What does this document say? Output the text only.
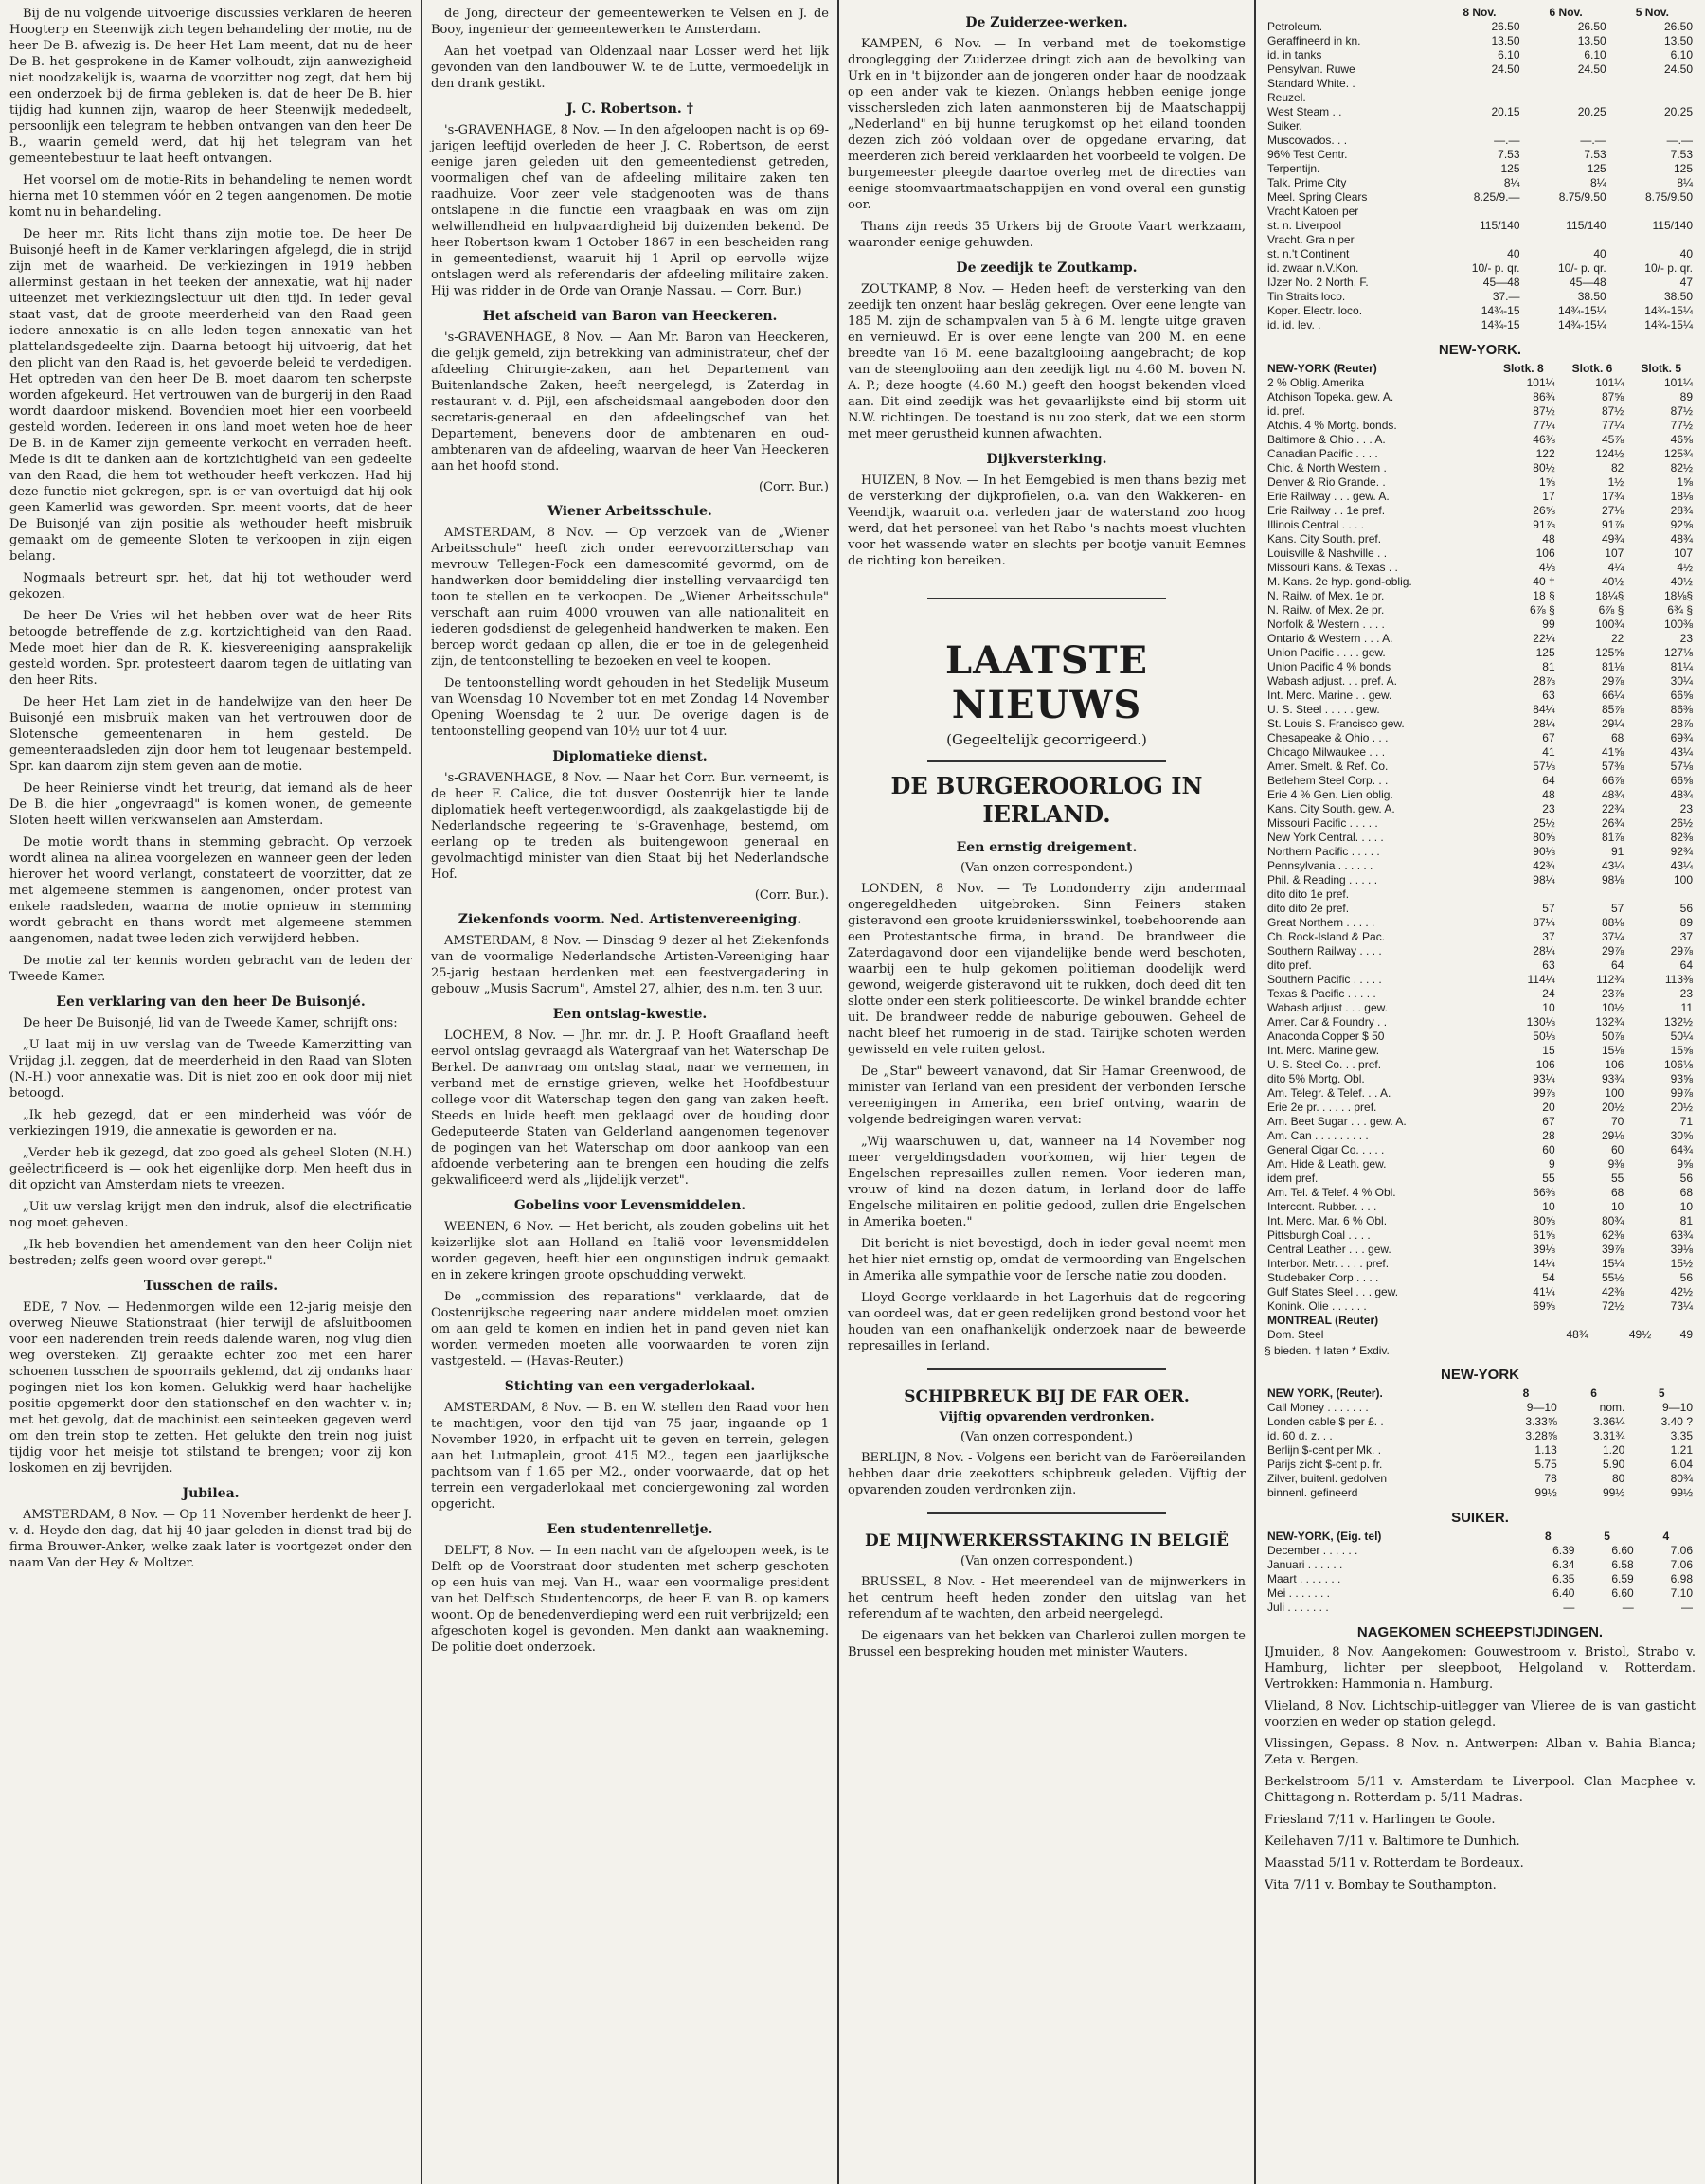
Bij de nu volgende uitvoerige discussies verklaren de heeren Hoogterp en Steenwijk zich tegen behandeling der motie, nu de heer De B. afwezig is. De heer Het Lam meent, dat nu de heer De B. het gesprokene in de Kamer volhoudt, zijn aanwezigheid niet noodzakelijk is, waarna de voorzitter nog zegt, dat hem bij een onderzoek bij de firma gebleken is, dat de heer De B. hier tijdig had kunnen zijn, waarop de heer Steenwijk mededeelt, persoonlijk een telegram te hebben ontvangen van den heer De B., waarin gemeld werd, dat hij het telegram van het gemeentebestuur te laat heeft ontvangen.

Het voorsel om de motie-Rits in behandeling te nemen wordt hierna met 10 stemmen vóór en 2 tegen aangenomen. De motie komt nu in behandeling.

De heer mr. Rits licht thans zijn motie toe. De heer De Buisonjé heeft in de Kamer verklaringen afgelegd, die in strijd zijn met de waarheid. De verkiezingen in 1919 hebben allerminst gestaan in het teeken der annexatie, wat hij nader uiteenzet met verkiezingslectuur uit dien tijd. In ieder geval staat vast, dat de groote meerderheid van den Raad geen iedere annexatie is en alle leden tegen annexatie van het plattelandsgedeelte zijn. Daarna betoogt hij uitvoerig, dat het den plicht van den Raad is, het gevoerde beleid te verdedigen. Het optreden van den heer De B. moet daarom ten scherpste worden afgekeurd. Het vertrouwen van de burgerij in den Raad wordt daardoor miskend. Bovendien moet hier een voorbeeld gesteld worden. Iedereen in ons land moet weten hoe de heer De B. in de Kamer zijn gemeente verkocht en verraden heeft. Mede is dit te danken aan de kortzichtigheid van een gedeelte van den Raad, die hem tot wethouder heeft verkozen. Had hij deze functie niet gekregen, spr. is er van overtuigd dat hij ook geen Kamerlid was geworden. Spr. meent voorts, dat de heer De Buisonjé van zijn positie als wethouder heeft misbruik gemaakt om de gemeente Sloten te verkoopen in zijn eigen belang.

Nogmaals betreurt spr. het, dat hij tot wethouder werd gekozen.

De heer De Vries wil het hebben over wat de heer Rits betoogde betreffende de z.g. kortzichtigheid van den Raad. Mede moet hier dan de R. K. kiesvereeniging aansprakelijk gesteld worden. Spr. protesteert daarom tegen de uitlating van den heer Rits.

De heer Het Lam ziet in de handelwijze van den heer De Buisonjé een misbruik maken van het vertrouwen door de Slotensche gemeentenaren in hem gesteld. De gemeenteraadsleden zijn door hem tot leugenaar bestempeld. Spr. kan daarom zijn stem geven aan de motie.

De heer Reinierse vindt het treurig, dat iemand als de heer De B. die hier „ongevraagd" is komen wonen, de gemeente Sloten heeft willen verkwanselen aan Amsterdam.

De motie wordt thans in stemming gebracht. Op verzoek wordt alinea na alinea voorgelezen en wanneer geen der leden hierover het woord verlangt, constateert de voorzitter, dat ze met algemeene stemmen is aangenomen, onder protest van enkele raadsleden, waarna de motie opnieuw in stemming wordt gebracht en thans wordt met algemeene stemmen aangenomen, nadat twee leden zich verwijderd hebben.

De motie zal ter kennis worden gebracht van de leden der Tweede Kamer.

Een verklaring van den heer De Buisonjé.

De heer De Buisonjé, lid van de Tweede Kamer, schrijft ons:

„U laat mij in uw verslag van de Tweede Kamerzitting van Vrijdag j.l. zeggen, dat de meerderheid in den Raad van Sloten (N.-H.) voor annexatie was. Dit is niet zoo en ook door mij niet betoogd.

„Ik heb gezegd, dat er een minderheid was vóór de verkiezingen 1919, die annexatie is geworden er na.

„Verder heb ik gezegd, dat zoo goed als geheel Sloten (N.H.) geëlectrificeerd is — ook het eigenlijke dorp. Men heeft dus in dit opzicht van Amsterdam niets te vreezen.

„Uit uw verslag krijgt men den indruk, alsof die electrificatie nog moet geheven.

„Ik heb bovendien het amendement van den heer Colijn niet bestreden; zelfs geen woord over gerept."

Tusschen de rails.

EDE, 7 Nov. — Hedenmorgen wilde een 12-jarig meisje den overweg Nieuwe Stationstraat (hier terwijl de afsluitboomen voor een naderenden trein reeds dalende waren, nog vlug dien weg oversteken. Zij geraakte echter zoo met een harer schoenen tusschen de spoorrails geklemd, dat zij ondanks haar pogingen niet los kon komen. Gelukkig werd haar hachelijke positie opgemerkt door den stationschef en den wachter v. in; met het gevolg, dat de machinist een seinteeken gegeven werd om den trein stop te zetten. Het gelukte den trein nog juist tijdig voor het meisje tot stilstand te brengen; voor zij kon loskomen en zij bevrijden.

Jubilea.

AMSTERDAM, 8 Nov. — Op 11 November herdenkt de heer J. v. d. Heyde den dag, dat hij 40 jaar geleden in dienst trad bij de firma Brouwer-Anker, welke zaak later is voortgezet onder den naam Van der Hey & Moltzer.

de Jong, directeur der gemeentewerken te Velsen en J. de Booy, ingenieur der gemeentewerken te Amsterdam.

Aan het voetpad van Oldenzaal naar Losser werd het lijk gevonden van den landbouwer W. te de Lutte, vermoedelijk in den drank gestikt.

J. C. Robertson. †

's-GRAVENHAGE, 8 Nov. — In den afgeloopen nacht is op 69-jarigen leeftijd overleden de heer J. C. Robertson, de eerst eenige jaren geleden uit den gemeentedienst getreden, voormaligen chef van de afdeeling militaire zaken ten raadhuize. Voor zeer vele stadgenooten was de thans ontslapene in die functie een vraagbaak en was om zijn welwillendheid en hulpvaardigheid bij duizenden bekend. De heer Robertson kwam 1 October 1867 in een bescheiden rang in gemeentedienst, waaruit hij 1 April op eervolle wijze ontslagen werd als referendaris der afdeeling militaire zaken. Hij was ridder in de Orde van Oranje Nassau. — Corr. Bur.)

Het afscheid van Baron van Heeckeren.

's-GRAVENHAGE, 8 Nov. — Aan Mr. Baron van Heeckeren, die gelijk gemeld, zijn betrekking van administrateur, chef der afdeeling Chirurgie-zaken, aan het Departement van Buitenlandsche Zaken, heeft neergelegd, is Zaterdag in restaurant v. d. Pijl, een afscheidsmaal aangeboden door den secretaris-generaal en den afdeelingschef van het Departement, benevens door de ambtenaren en oud-ambtenaren van de afdeeling, waarvan de heer Van Heeckeren aan het hoofd stond.

(Corr. Bur.)
Wiener Arbeitsschule.

AMSTERDAM, 8 Nov. — Op verzoek van de „Wiener Arbeitsschule" heeft zich onder eerevoorzitterschap van mevrouw Tellegen-Fock een damescomité gevormd, om de handwerken door bemiddeling dier instelling vervaardigd ten toon te stellen en te verkoopen. De „Wiener Arbeitsschule" verschaft aan ruim 4000 vrouwen van alle nationaliteit en iederen godsdienst de gelegenheid handwerken te maken. Een beroep wordt gedaan op allen, die er toe in de gelegenheid zijn, de tentoonstelling te bezoeken en veel te koopen.

De tentoonstelling wordt gehouden in het Stedelijk Museum van Woensdag 10 November tot en met Zondag 14 November Opening Woensdag te 2 uur. De overige dagen is de tentoonstelling geopend van 10½ uur tot 4 uur.

Diplomatieke dienst.

's-GRAVENHAGE, 8 Nov. — Naar het Corr. Bur. verneemt, is de heer F. Calice, die tot dusver Oostenrijk hier te lande diplomatiek heeft vertegenwoordigd, als zaakgelastigde bij de Nederlandsche regeering te 's-Gravenhage, bestemd, om eerlang op te treden als buitengewoon generaal en gevolmachtigd minister van dien Staat bij het Nederlandsche Hof.

(Corr. Bur.).
Ziekenfonds voorm. Ned. Artistenvereeniging.

AMSTERDAM, 8 Nov. — Dinsdag 9 dezer al het Ziekenfonds van de voormalige Nederlandsche Artisten-Vereeniging haar 25-jarig bestaan herdenken met een feestvergadering in gebouw „Musis Sacrum", Amstel 27, alhier, des n.m. ten 3 uur.

Een ontslag-kwestie.

LOCHEM, 8 Nov. — Jhr. mr. dr. J. P. Hooft Graafland heeft eervol ontslag gevraagd als Watergraaf van het Waterschap De Berkel. De aanvraag om ontslag staat, naar we vernemen, in verband met de ernstige grieven, welke het Hoofdbestuur college voor dit Waterschap tegen den gang van zaken heeft. Steeds en luide heeft men geklaagd over de houding door Gedeputeerde Staten van Gelderland aangenomen tegenover de pogingen van het Waterschap om door aankoop van een afdoende verbetering aan te brengen een houding die zelfs gekwalificeerd werd als „lijdelijk verzet".

Gobelins voor Levensmiddelen.

WEENEN, 6 Nov. — Het bericht, als zouden gobelins uit het keizerlijke slot aan Holland en Italië voor levensmiddelen worden gegeven, heeft hier een ongunstigen indruk gemaakt en in zekere kringen groote opschudding verwekt.

De „commission des reparations" verklaarde, dat de Oostenrijksche regeering naar andere middelen moet omzien om aan geld te komen en indien het in pand geven niet kan worden vermeden moeten alle voorwaarden te voren zijn vastgesteld. — (Havas-Reuter.)

Stichting van een vergaderlokaal.

AMSTERDAM, 8 Nov. — B. en W. stellen den Raad voor hen te machtigen, voor den tijd van 75 jaar, ingaande op 1 November 1920, in erfpacht uit te geven en terrein, gelegen aan het Lutmaplein, groot 415 M2., tegen een jaarlijksche pachtsom van f 1.65 per M2., onder voorwaarde, dat op het terrein een vergaderlokaal met conciergewoning zal worden opgericht.

Een studentenrelletje.

DELFT, 8 Nov. — In een nacht van de afgeloopen week, is te Delft op de Voorstraat door studenten met scherp geschoten op een huis van mej. Van H., waar een voormalige president van het Delftsch Studentencorps, de heer F. van B. op kamers woont. Op de benedenverdieping werd een ruit verbrijzeld; een afgeschoten kogel is gevonden. Men dankt aan waakneming. De politie doet onderzoek.

De Zuiderzee-werken.

KAMPEN, 6 Nov. — In verband met de toekomstige drooglegging der Zuiderzee dringt zich aan de bevolking van Urk en in 't bijzonder aan de jongeren onder haar de noodzaak op een ander vak te kiezen. Onlangs hebben eenige jonge visschersleden zich laten aanmonsteren bij de Maatschappij „Nederland" en bij hunne terugkomst op het eiland toonden dezen zich zóó voldaan over de opgedane ervaring, dat meerderen zich bereid verklaarden het voorbeeld te volgen. De burgemeester pleegde daartoe overleg met de directies van eenige stoomvaartmaatschappijen en vond overal een gunstig oor.

Thans zijn reeds 35 Urkers bij de Groote Vaart werkzaam, waaronder eenige gehuwden.

De zeedijk te Zoutkamp.

ZOUTKAMP, 8 Nov. — Heden heeft de versterking van den zeedijk ten onzent haar besläg gekregen. Over eene lengte van 185 M. zijn de schampvalen van 5 à 6 M. lengte uitge graven en vernieuwd. Er is over eene lengte van 200 M. en eene breedte van 16 M. eene bazaltglooiing aangebracht; de kop van de steenglooiing aan den zeedijk ligt nu 4.60 M. boven N. A. P.; deze hoogte (4.60 M.) geeft den hoogst bekenden vloed aan. Dit eind zeedijk was het gevaarlijkste eind bij storm uit N.W. richtingen. De toestand is nu zoo sterk, dat we een storm met meer gerustheid kunnen afwachten.

Dijkversterking.

HUIZEN, 8 Nov. — In het Eemgebied is men thans bezig met de versterking der dijkprofielen, o.a. van den Wakkeren- en Veendijk, waaruit o.a. verleden jaar de waterstand zoo hoog werd, dat het personeel van het Rabo 's nachts moest vluchten voor het wassende water en slechts per bootje vanuit Eemnes de richting kon bereiken.

LAATSTE NIEUWS
(Gegeeltelijk gecorrigeerd.)
DE BURGEROORLOG IN IERLAND.
Een ernstig dreigement.
(Van onzen correspondent.)

LONDEN, 8 Nov. — Te Londonderry zijn andermaal ongeregeldheden uitgebroken. Sinn Feiners staken gisteravond een groote kruideniersswinkel, toebehoorende aan een Protestantsche firma, in brand. De brandweer die Zaterdagavond door een vijandelijke bende werd beschoten, waarbij een te hulp gekomen politieman doodelijk werd gewond, weigerde gisteravond uit te rukken, doch deed dit ten slotte onder een sterk politieescorte. De winkel brandde echter uit. De brandweer redde de naburige gebouwen. Geheel de nacht bleef het rumoerig in de stad. Tairijke schoten werden gewisseld en vele ruiten gelost.

De „Star" beweert vanavond, dat Sir Hamar Greenwood, de minister van Ierland van een president der verbonden Iersche vereenigingen in Amerika, een brief ontving, waarin de volgende bedreigingen waren vervat:

„Wij waarschuwen u, dat, wanneer na 14 November nog meer vergeldingsdaden voorkomen, wij hier tegen de Engelschen represailles zullen nemen. Voor iederen man, vrouw of kind na dezen datum, in Ierland door de laffe Engelsche militairen en politie gedood, zullen drie Engelschen in Amerika boeten."

Dit bericht is niet bevestigd, doch in ieder geval neemt men het hier niet ernstig op, omdat de vermoording van Engelschen in Amerika alle sympathie voor de Iersche natie zou dooden.

Lloyd George verklaarde in het Lagerhuis dat de regeering van oordeel was, dat er geen redelijken grond bestond voor het houden van een onafhankelijk onderzoek naar de beweerde represailles in Ierland.

SCHIPBREUK BIJ DE FAR OER.
Vijftig opvarenden verdronken.
(Van onzen correspondent.)

BERLIJN, 8 Nov. - Volgens een bericht van de Faröereilanden hebben daar drie zeekotters schipbreuk geleden. Vijftig der opvarenden zouden verdronken zijn.

DE MIJNWERKERSSTAKING IN BELGIË
(Van onzen correspondent.)

BRUSSEL, 8 Nov. - Het meerendeel van de mijnwerkers in het centrum heeft heden zonder den uitslag van het referendum af te wachten, den arbeid neergelegd.

De eigenaars van het bekken van Charleroi zullen morgen te Brussel een bespreking houden met minister Wauters.

	8 Nov.	6 Nov.	5 Nov.
Petroleum.	26.50	26.50	26.50
Geraffineerd in kn.	13.50	13.50	13.50
id. in tanks	6.10	6.10	6.10
Pensylvan. Ruwe	24.50	24.50	24.50
Standard White. .			
Reuzel.			
West Steam . .	20.15	20.25	20.25
Suiker.			
Muscovados. . .	—.—	—.—	—.—
96% Test Centr.	7.53	7.53	7.53
Terpentijn.	125	125	125
Talk. Prime City	8¼	8¼	8¼
Meel. Spring Clears	8.25/9.—	8.75/9.50	8.75/9.50
Vracht Katoen per			
st. n. Liverpool	115/140	115/140	115/140
Vracht. Gra n per			
st. n.'t Continent	40	40	40
id. zwaar n.V.Kon.	10/- p. qr.	10/- p. qr.	10/- p. qr.
IJzer No. 2 North. F.	45—48	45—48	47
Tin Straits loco.	37.—	38.50	38.50
Koper. Electr. loco.	14¾-15	14¾-15¼	14¾-15¼
id. id. lev. .	14¾-15	14¾-15¼	14¾-15¼
NEW-YORK.
NEW-YORK (Reuter)	Slotk. 8	Slotk. 6	Slotk. 5
2 % Oblig. Amerika	101¼	101¼	101¼
Atchison Topeka. gew. A.	86¾	87⅝	89
id. pref.	87½	87½	87½
Atchis. 4 % Mortg. bonds.	77¼	77¼	77½
Baltimore & Ohio . . . A.	46⅜	45⅞	46⅝
Canadian Pacific . . . .	122	124½	125¾
Chic. & North Western .	80½	82	82½
Denver & Rio Grande. .	1⅝	1½	1⅝
Erie Railway . . . gew. A.	17	17¾	18⅛
Erie Railway . . 1e pref.	26⅝	27⅛	28¾
Illinois Central . . . .	91⅞	91⅞	92⅝
Kans. City South. pref.	48	49¾	48¾
Louisville & Nashville . .	106	107	107
Missouri Kans. & Texas . .	4⅛	4¼	4½
M. Kans. 2e hyp. gond-oblig.	40 †	40½	40½
N. Railw. of Mex. 1e pr.	18 §	18¼§	18⅛§
N. Railw. of Mex. 2e pr.	6⅞ §	6⅞ §	6¾ §
Norfolk & Western . . . .	99	100¾	100⅜
Ontario & Western . . . A.	22¼	22	23
Union Pacific . . . . gew.	125	125⅝	127⅛
Union Pacific 4 % bonds	81	81⅛	81¼
Wabash adjust. . . pref. A.	28⅞	29⅞	30¼
Int. Merc. Marine . . gew.	63	66¼	66⅝
U. S. Steel . . . . . gew.	84¼	85⅞	86⅜
St. Louis S. Francisco gew.	28¼	29¼	28⅞
Chesapeake & Ohio . . .	67	68	69¾
Chicago Milwaukee . . .	41	41⅝	43¼
Amer. Smelt. & Ref. Co.	57⅛	57⅜	57⅛
Betlehem Steel Corp. . .	64	66⅞	66⅝
Erie 4 % Gen. Lien oblig.	48	48¾	48¾
Kans. City South. gew. A.	23	22¾	23
Missouri Pacific . . . . .	25½	26¾	26½
New York Central. . . . .	80⅝	81⅞	82⅜
Northern Pacific . . . . .	90⅛	91	92¾
Pennsylvania . . . . . .	42¾	43¼	43¼
Phil. & Reading . . . . .	98¼	98⅛	100
dito dito 1e pref.			
dito dito 2e pref.	57	57	56
Great Northern . . . . .	87¼	88⅛	89
Ch. Rock-Island & Pac.	37	37¼	37
Southern Railway . . . .	28¼	29⅞	29⅞
dito pref.	63	64	64
Southern Pacific . . . . .	114¼	112¾	113⅜
Texas & Pacific . . . . .	24	23⅞	23
Wabash adjust . . . gew.	10	10½	11
Amer. Car & Foundry . .	130⅛	132¾	132½
Anaconda Copper $ 50	50⅛	50⅞	50¼
Int. Merc. Marine gew.	15	15⅛	15⅝
U. S. Steel Co. . . pref.	106	106	106⅛
dito 5% Mortg. Obl.	93¼	93¾	93⅝
Am. Telegr. & Telef. . . A.	99⅞	100	99⅞
Erie 2e pr. . . . . . pref.	20	20½	20½
Am. Beet Sugar . . . gew. A.	67	70	71
Am. Can . . . . . . . . .	28	29⅛	30⅝
General Cigar Co. . . . .	60	60	64¾
Am. Hide & Leath. gew.	9	9⅜	9⅝
idem pref.	55	55	56
Am. Tel. & Telef. 4 % Obl.	66⅜	68	68
Intercont. Rubber. . . .	10	10	10
Int. Merc. Mar. 6 % Obl.	80⅝	80¾	81
Pittsburgh Coal . . . .	61⅝	62⅜	63¾
Central Leather . . . gew.	39⅛	39⅞	39⅛
Interbor. Metr. . . . . pref.	14¼	15¼	15½
Studebaker Corp . . . .	54	55½	56
Gulf States Steel . . . gew.	41¼	42⅜	42½
Konink. Olie . . . . . .	69⅝	72½	73¼
MONTREAL (Reuter)			
Dom. Steel	48¾	49½	49
§ bieden. † laten * Exdiv.
NEW-YORK
NEW YORK, (Reuter).	8	6	5
Call Money . . . . . . .	9—10	nom.	9—10
Londen cable $ per £. .	3.33⅝	3.36¼	3.40 ?
id. 60 d. z. . .	3.28⅝	3.31¾	3.35
Berlijn $-cent per Mk. .	1.13	1.20	1.21
Parijs zicht $-cent p. fr.	5.75	5.90	6.04
Zilver, buitenl. gedolven	78	80	80¾
binnenl. gefineerd	99½	99½	99½
SUIKER.
NEW-YORK, (Eig. tel)	8	5	4
December . . . . . .	6.39	6.60	7.06
Januari . . . . . .	6.34	6.58	7.06
Maart . . . . . . .	6.35	6.59	6.98
Mei . . . . . . .	6.40	6.60	7.10
Juli . . . . . . .	—	—	—
NAGEKOMEN SCHEEPSTIJDINGEN.

IJmuiden, 8 Nov. Aangekomen: Gouwestroom v. Bristol, Strabo v. Hamburg, lichter per sleepboot, Helgoland v. Rotterdam. Vertrokken: Hammonia n. Hamburg.

Vlieland, 8 Nov. Lichtschip-uitlegger van Vlieree de is van gasticht voorzien en weder op station gelegd.

Vlissingen, Gepass. 8 Nov. n. Antwerpen: Alban v. Bahia Blanca; Zeta v. Bergen.

Berkelstroom 5/11 v. Amsterdam te Liverpool. Clan Macphee v. Chittagong n. Rotterdam p. 5/11 Madras.

Friesland 7/11 v. Harlingen te Goole.

Keilehaven 7/11 v. Baltimore te Dunhich.

Maasstad 5/11 v. Rotterdam te Bordeaux.

Vita 7/11 v. Bombay te Southampton.
